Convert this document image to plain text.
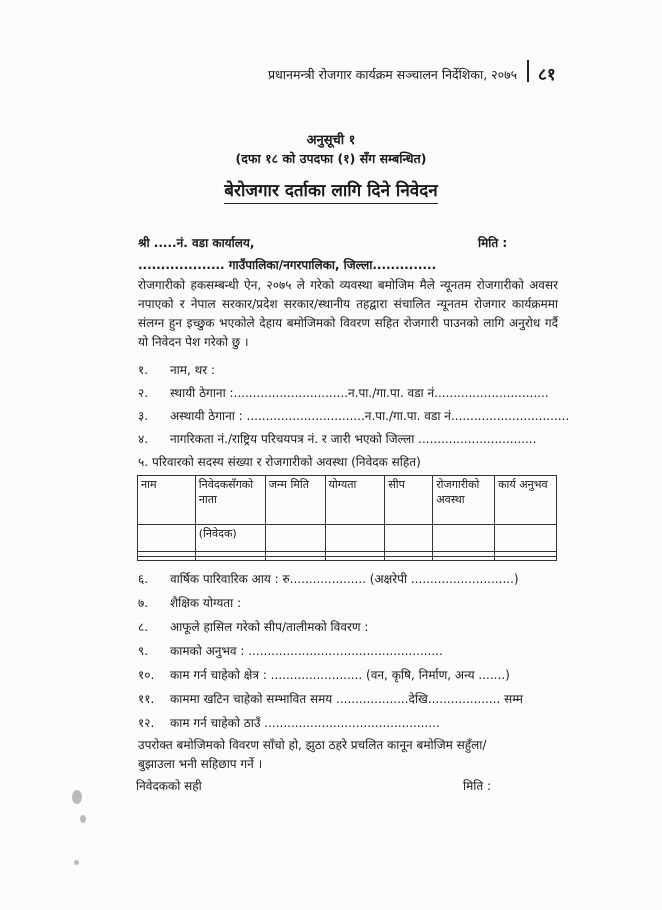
प्रधानमन्त्री रोजगार कार्यक्रम सञ्चालन निर्देशिका, २०७५ ८१
अनुसूची १
(दफा १८ को उपदफा (१) सँग सम्बन्धित)
बेरोजगार दर्ताका लागि दिने निवेदन
श्री .....नं. वडा कार्यालय,	मिति :
................... गाउँपालिका/नगरपालिका, जिल्ला..............
रोजगारीको हकसम्बन्धी ऐन, २०७५ ले गरेको व्यवस्था बमोजिम मैले न्यूनतम रोजगारीको अवसर नपाएको र नेपाल सरकार/प्रदेश सरकार/स्थानीय तहद्वारा संचालित न्यूनतम रोजगार कार्यक्रममा संलग्न हुन इच्छुक भएकोले देहाय बमोजिमको विवरण सहित रोजगारी पाउनको लागि अनुरोध गर्दै यो निवेदन पेश गरेको छु ।
१. नाम, थर :
२. स्थायी ठेगाना :..............................न.पा./गा.पा. वडा नं..............................
३. अस्थायी ठेगाना : ...............................न.पा./गा.पा. वडा नं...............................
४. नागरिकता नं./राष्ट्रिय परिचयपत्र नं. र जारी भएको जिल्ला ...............................
५. परिवारको सदस्य संख्या र रोजगारीको अवस्था (निवेदक सहित)
नाम	निवेदकसँगको नाता	जन्म मिति	योग्यता	सीप	रोजगारीको अवस्था	कार्य अनुभव
	(निवेदक)					

६. वार्षिक पारिवारिक आय : रु.................... (अक्षरेपी ...........................)
७. शैक्षिक योग्यता :
८. आफूले हासिल गरेको सीप/तालीमको विवरण :
९. कामको अनुभव : ...................................................
१०. काम गर्न चाहेको क्षेत्र : ........................ (वन, कृषि, निर्माण, अन्य .......)
११. काममा खटिन चाहेको सम्भावित समय ...................देखि................... सम्म
१२. काम गर्न चाहेको ठाउँ ..............................................
उपरोक्त बमोजिमको विवरण साँचो हो, झुठा ठहरे प्रचलित कानून बमोजिम सहुँला/बुझाउला भनी सहिछाप गर्ने ।
निवेदकको सही	मिति :
